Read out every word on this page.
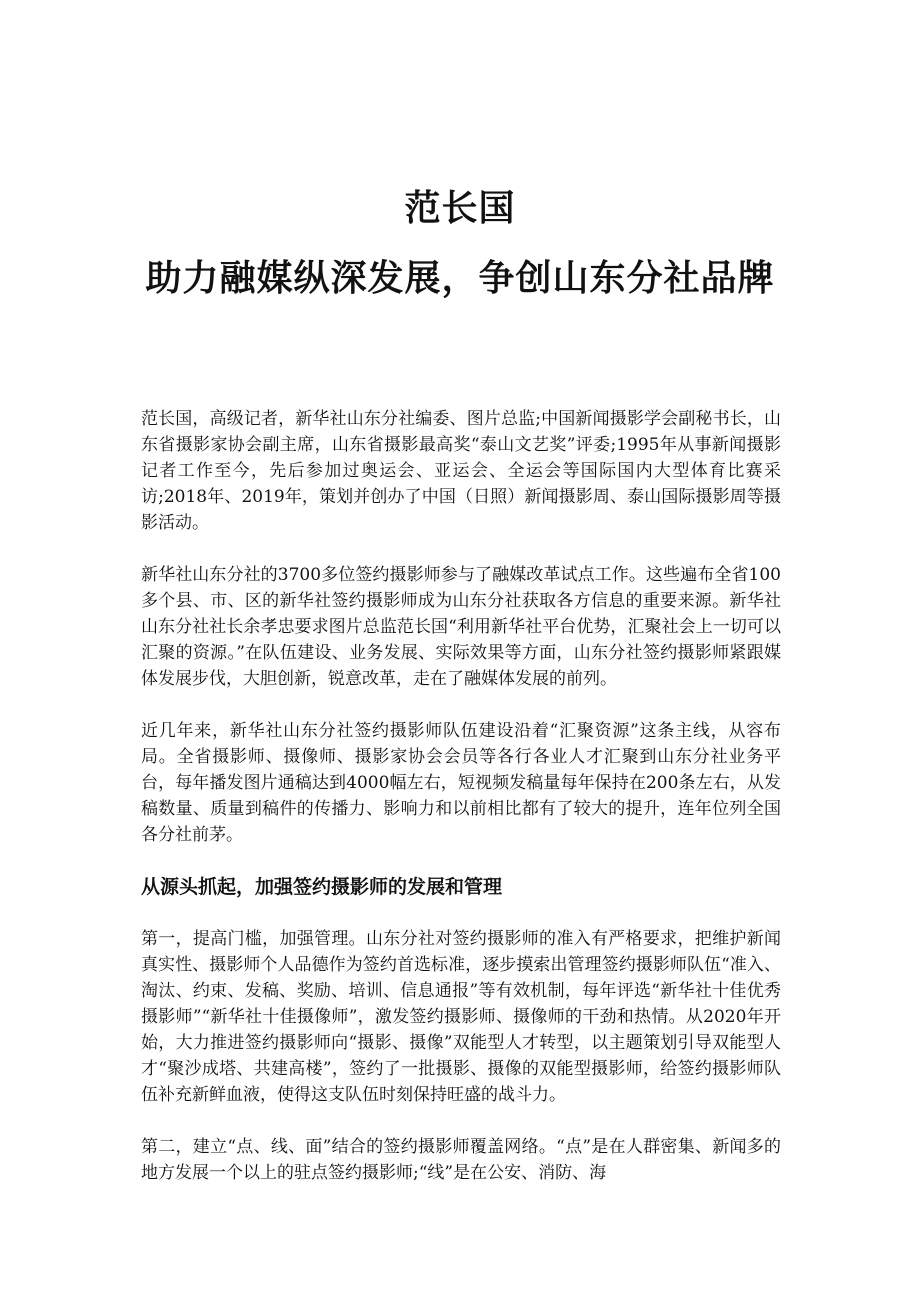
范长国
助力融媒纵深发展，争创山东分社品牌

范长国，高级记者，新华社山东分社编委、图片总监;中国新闻摄影学会副秘书长，山东省摄影家协会副主席，山东省摄影最高奖“泰山文艺奖”评委;1995年从事新闻摄影记者工作至今，先后参加过奥运会、亚运会、全运会等国际国内大型体育比赛采访;2018年、2019年，策划并创办了中国（日照）新闻摄影周、泰山国际摄影周等摄影活动。

新华社山东分社的3700多位签约摄影师参与了融媒改革试点工作。这些遍布全省100多个县、市、区的新华社签约摄影师成为山东分社获取各方信息的重要来源。新华社山东分社社长余孝忠要求图片总监范长国“利用新华社平台优势，汇聚社会上一切可以汇聚的资源。”在队伍建设、业务发展、实际效果等方面，山东分社签约摄影师紧跟媒体发展步伐，大胆创新，锐意改革，走在了融媒体发展的前列。

近几年来，新华社山东分社签约摄影师队伍建设沿着“汇聚资源”这条主线，从容布局。全省摄影师、摄像师、摄影家协会会员等各行各业人才汇聚到山东分社业务平台，每年播发图片通稿达到4000幅左右，短视频发稿量每年保持在200条左右，从发稿数量、质量到稿件的传播力、影响力和以前相比都有了较大的提升，连年位列全国各分社前茅。

从源头抓起，加强签约摄影师的发展和管理

第一，提高门槛，加强管理。山东分社对签约摄影师的准入有严格要求，把维护新闻真实性、摄影师个人品德作为签约首选标准，逐步摸索出管理签约摄影师队伍“准入、淘汰、约束、发稿、奖励、培训、信息通报”等有效机制，每年评选“新华社十佳优秀摄影师”“新华社十佳摄像师”，激发签约摄影师、摄像师的干劲和热情。从2020年开始，大力推进签约摄影师向“摄影、摄像”双能型人才转型，以主题策划引导双能型人才“聚沙成塔、共建高楼”，签约了一批摄影、摄像的双能型摄影师，给签约摄影师队伍补充新鲜血液，使得这支队伍时刻保持旺盛的战斗力。

第二，建立“点、线、面”结合的签约摄影师覆盖网络。“点”是在人群密集、新闻多的地方发展一个以上的驻点签约摄影师;“线”是在公安、消防、海
